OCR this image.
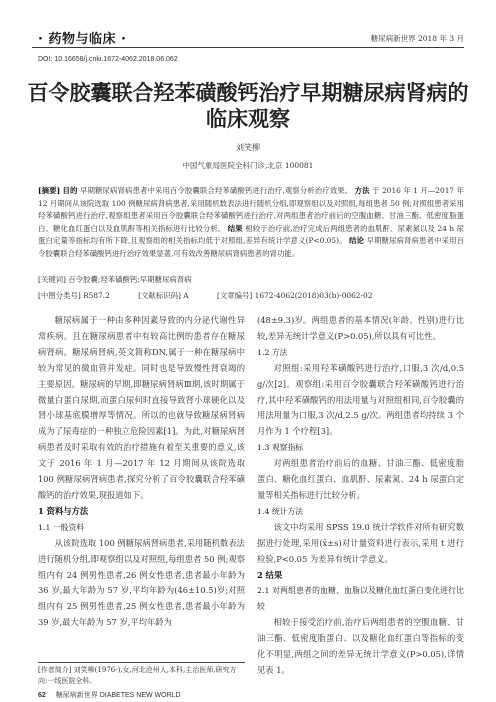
· 药物与临床 ·	糖尿病新世界 2018 年 3 月
DOI: 10.16658/j.cnki.1672-4062.2018.06.062
百令胶囊联合羟苯磺酸钙治疗早期糖尿病肾病的
临床观察
刘笑柳
中国气象局医院全科门诊,北京 100081
[摘要] 目的 早期糖尿病肾病患者中采用百令胶囊联合羟苯磺酸钙进行治疗,观察分析治疗效果。 方法 于 2016 年 1 月—2017 年 12 月期间从该院选取 100 例糖尿病肾病患者,采用随机数表法进行随机分组,即观察组以及对照组,每组患者 50 例;对照组患者采用羟苯磺酸钙进行治疗,观察组患者采用百令胶囊联合羟苯磺酸钙进行治疗,对两组患者治疗前后的空腹血糖、甘油三酯、低密度脂蛋白、糖化血红蛋白以及血肌酐等相关指标进行比较分析。 结果 相较于治疗前,治疗完成后两组患者的血肌酐、尿素氮以及 24 h 尿蛋白定量等指标均有所下降,且观察组的相关指标均低于对照组,差异有统计学意义(P<0.05)。 结论 早期糖尿病肾病患者中采用百令胶囊联合羟苯磺酸钙进行治疗效果显著,可有效改善糖尿病肾病患者的肾功能。
[关键词] 百令胶囊;羟苯磺酸钙;早期糖尿病肾病
[中图分类号] R587.2	[文献标识码] A	[文章编号] 1672-4062(2018)03(b)-0062-02

糖尿病属于一种由多种因素导致的内分泌代谢性异常疾病。且在糖尿病患者中有较高比例的患者存在糖尿病肾病。糖尿病肾病,英文简称DN,属于一种在糖尿病中较为常见的微血管并发症。同时也是导致慢性肾衰竭的主要原因。糖尿病的早期,即糖尿病肾病Ⅲ期,该时期属于微量白蛋白尿期,而蛋白尿何时直接导致肾小球硬化以及肾小球基底膜增厚等情况。所以的也就导致糖尿病肾病成为了尿毒症的一种独立危险因素[1]。为此,对糖尿病肾病患者及时采取有效的治疗措施有着至关重要的意义,该文于 2016 年 1 月—2017 年 12 月期间从该院选取 100 例糖尿病肾病患者,探究分析了百令胶囊联合羟苯磺酸钙的治疗效果,现报道如下。

1 资料与方法

1.1 一般资料

从该院选取 100 例糖尿病肾病患者,采用随机数表法进行随机分组,即观察组以及对照组,每组患者 50 例;观察组内有 24 例男性患者,26 例女性患者,患者最小年龄为 36 岁,最大年龄为 57 岁,平均年龄为(46±10.5)岁;对照组内有 25 例男性患者,25 例女性患者,患者最小年龄为 39 岁,最大年龄为 57 岁,平均年龄为

[作者简介] 刘笑柳(1976-),女,河北沧州人,本科,主治医师,研究方向:一线医院全科。

(48±9.3)岁。两组患者的基本情况(年龄、性别)进行比较,差异无统计学意义(P>0.05),所以具有可比性。

1.2 方法

对照组:采用羟苯磺酸钙进行治疗,口服,3 次/d,0.5 g/次[2]。观察组:采用百令胶囊联合羟苯磺酸钙进行治疗,其中羟苯磺酸钙的用法用量与对照组相同,百令胶囊的用法用量为口服,3 次/d,2.5 g/次。两组患者均持续 3 个月作为 1 个疗程[3]。

1.3 观察指标

对两组患者治疗前后的血糖、甘油三酯、低密度脂蛋白、糖化血红蛋白、血肌酐、尿素氮、24 h 尿蛋白定量等相关指标进行比较分析。

1.4 统计方法

该文中均采用 SPSS 19.0 统计学软件对所有研究数据进行处理,采用(x̄±s)对计量资料进行表示,采用 t 进行检验,P<0.05 为差异有统计学意义。

2 结果

2.1 对两组患者的血糖、血脂以及糖化血红蛋白变化进行比较

相较于接受治疗前,治疗后两组患者的空腹血糖、甘油三酯、低密度脂蛋白、以及糖化血红蛋白等指标的变化不明显,两组之间的差异无统计学意义(P>0.05),详情见表 1。

62 糖尿病新世界 DIABETES NEW WORLD
